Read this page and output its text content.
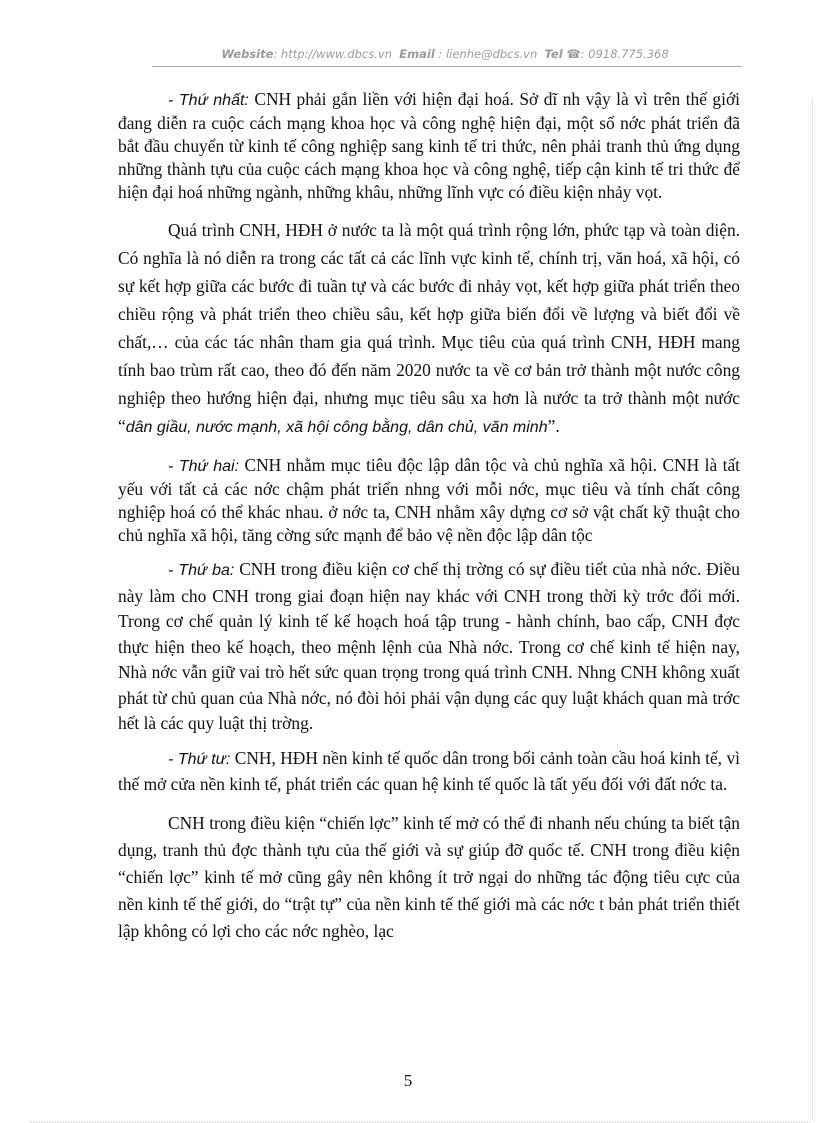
Website: http://www.dbcs.vn Email : lienhe@dbcs.vn Tel ☎: 0918.775.368

- Thứ nhất: CNH phải gắn liền với hiện đại hoá. Sở dĩ nh vậy là vì trên thế giới đang diễn ra cuộc cách mạng khoa học và công nghệ hiện đại, một số nớc phát triển đã bắt đầu chuyển từ kinh tế công nghiệp sang kinh tế tri thức, nên phải tranh thủ ứng dụng những thành tựu của cuộc cách mạng khoa học và công nghệ, tiếp cận kinh tế tri thức để hiện đại hoá những ngành, những khâu, những lĩnh vực có điều kiện nhảy vọt.

Quá trình CNH, HĐH ở nước ta là một quá trình rộng lớn, phức tạp và toàn diện. Có nghĩa là nó diễn ra trong các tất cả các lĩnh vực kinh tế, chính trị, văn hoá, xã hội, có sự kết hợp giữa các bước đi tuần tự và các bước đi nhảy vọt, kết hợp giữa phát triển theo chiều rộng và phát triển theo chiều sâu, kết hợp giữa biến đổi về lượng và biết đổi về chất,… của các tác nhân tham gia quá trình. Mục tiêu của quá trình CNH, HĐH mang tính bao trùm rất cao, theo đó đến năm 2020 nước ta về cơ bản trở thành một nước công nghiệp theo hướng hiện đại, nhưng mục tiêu sâu xa hơn là nước ta trở thành một nước “dân giầu, nước mạnh, xã hội công bằng, dân chủ, văn minh”.

- Thứ hai: CNH nhằm mục tiêu độc lập dân tộc và chủ nghĩa xã hội. CNH là tất yếu với tất cả các nớc chậm phát triển nhng với mỗi nớc, mục tiêu và tính chất công nghiệp hoá có thể khác nhau. ở nớc ta, CNH nhằm xây dựng cơ sở vật chất kỹ thuật cho chủ nghĩa xã hội, tăng cờng sức mạnh để bảo vệ nền độc lập dân tộc

- Thứ ba: CNH trong điều kiện cơ chế thị trờng có sự điều tiết của nhà nớc. Điều này làm cho CNH trong giai đoạn hiện nay khác với CNH trong thời kỳ trớc đổi mới. Trong cơ chế quản lý kinh tế kế hoạch hoá tập trung - hành chính, bao cấp, CNH đợc thực hiện theo kế hoạch, theo mệnh lệnh của Nhà nớc. Trong cơ chế kinh tế hiện nay, Nhà nớc vẫn giữ vai trò hết sức quan trọng trong quá trình CNH. Nhng CNH không xuất phát từ chủ quan của Nhà nớc, nó đòi hỏi phải vận dụng các quy luật khách quan mà trớc hết là các quy luật thị trờng.

- Thứ tư: CNH, HĐH nền kinh tế quốc dân trong bối cảnh toàn cầu hoá kinh tế, vì thế mở cửa nền kinh tế, phát triển các quan hệ kinh tế quốc là tất yếu đối với đất nớc ta.

CNH trong điều kiện “chiến lợc” kinh tế mở có thể đi nhanh nếu chúng ta biết tận dụng, tranh thủ đợc thành tựu của thế giới và sự giúp đỡ quốc tế. CNH trong điều kiện “chiến lợc” kinh tế mở cũng gây nên không ít trở ngại do những tác động tiêu cực của nền kinh tế thế giới, do “trật tự” của nền kinh tế thế giới mà các nớc t bản phát triển thiết lập không có lợi cho các nớc nghèo, lạc

5
